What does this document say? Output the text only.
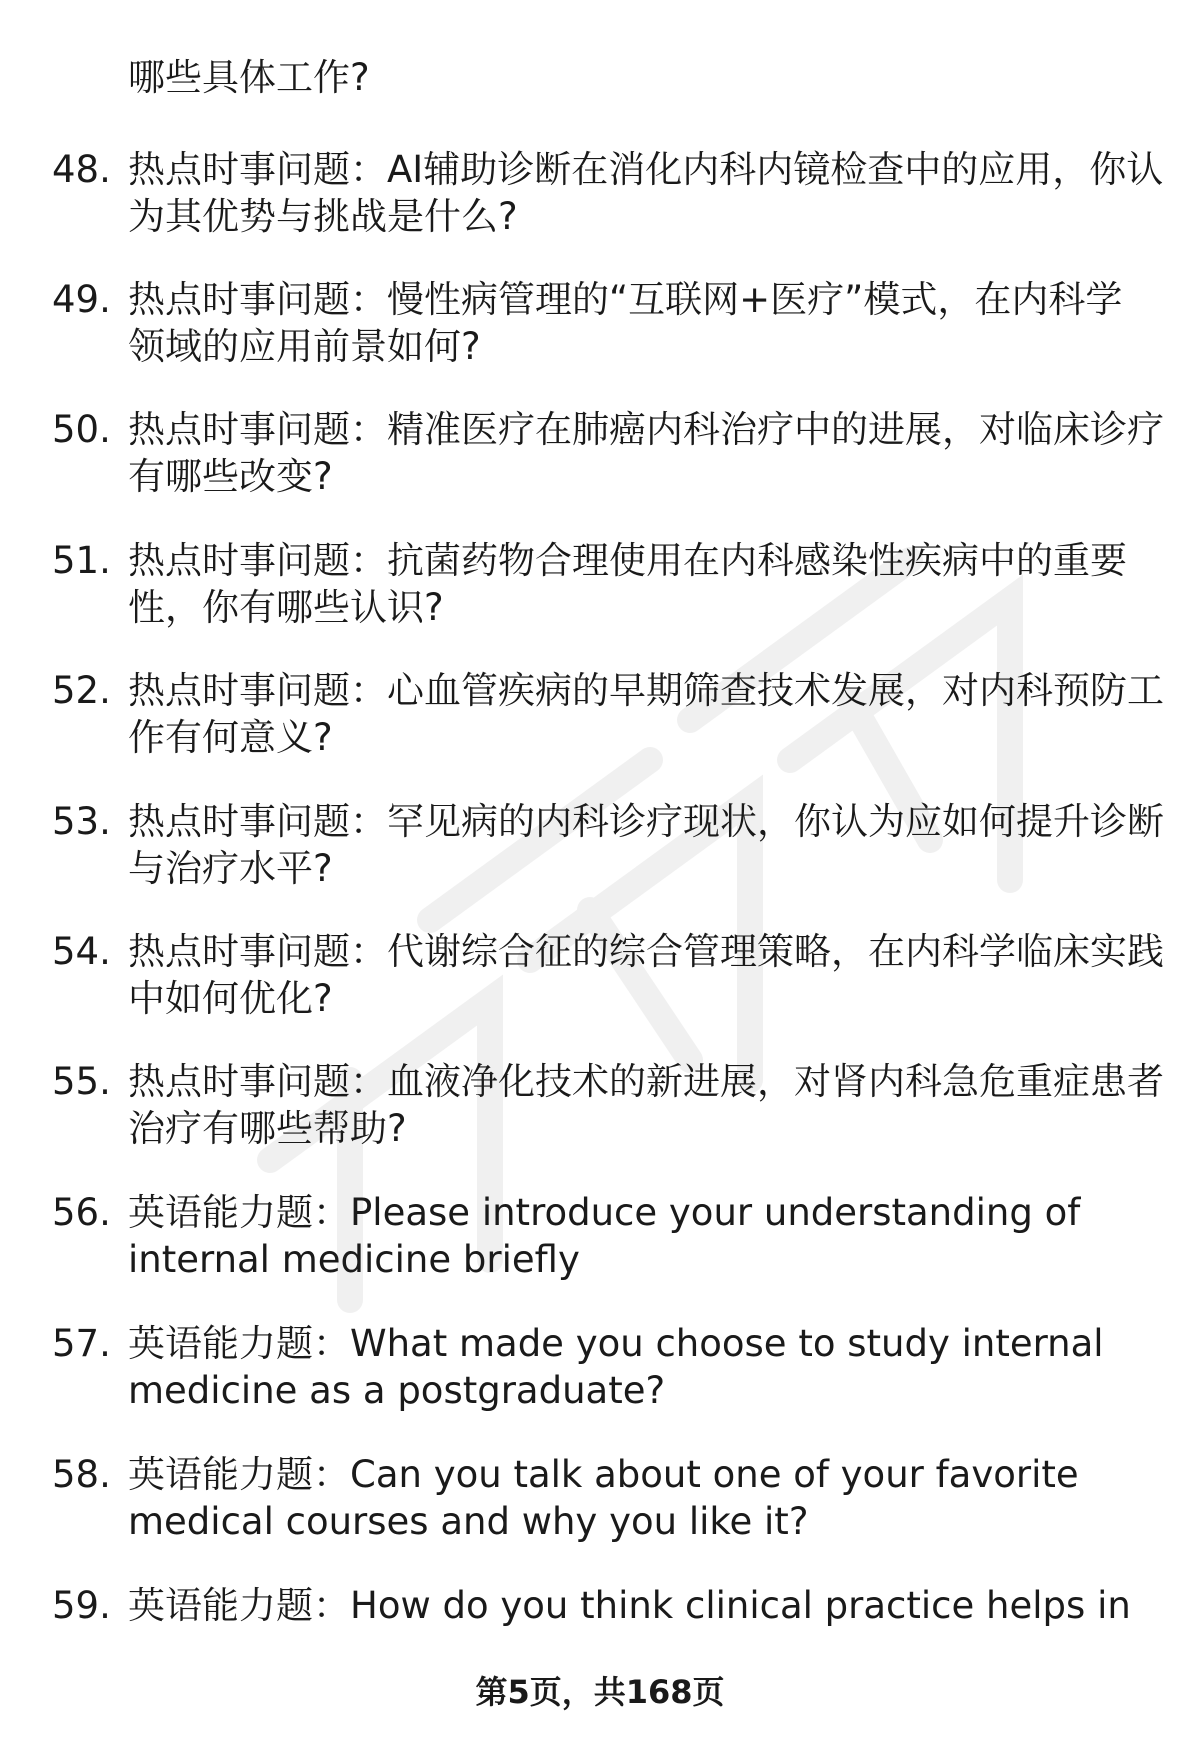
哪些具体工作?
48. 热点时事问题：AI辅助诊断在消化内科内镜检查中的应用，你认
为其优势与挑战是什么?
49. 热点时事问题：慢性病管理的“互联网+医疗”模式，在内科学
领域的应用前景如何?
50. 热点时事问题：精准医疗在肺癌内科治疗中的进展，对临床诊疗
有哪些改变?
51. 热点时事问题：抗菌药物合理使用在内科感染性疾病中的重要
性，你有哪些认识?
52. 热点时事问题：心血管疾病的早期筛查技术发展，对内科预防工
作有何意义?
53. 热点时事问题：罕见病的内科诊疗现状，你认为应如何提升诊断
与治疗水平?
54. 热点时事问题：代谢综合征的综合管理策略，在内科学临床实践
中如何优化?
55. 热点时事问题：血液净化技术的新进展，对肾内科急危重症患者
治疗有哪些帮助?
56. 英语能力题：Please introduce your understanding of
internal medicine briefly
57. 英语能力题：What made you choose to study internal
medicine as a postgraduate?
58. 英语能力题：Can you talk about one of your favorite
medical courses and why you like it?
59. 英语能力题：How do you think clinical practice helps in
第5页，共168页
